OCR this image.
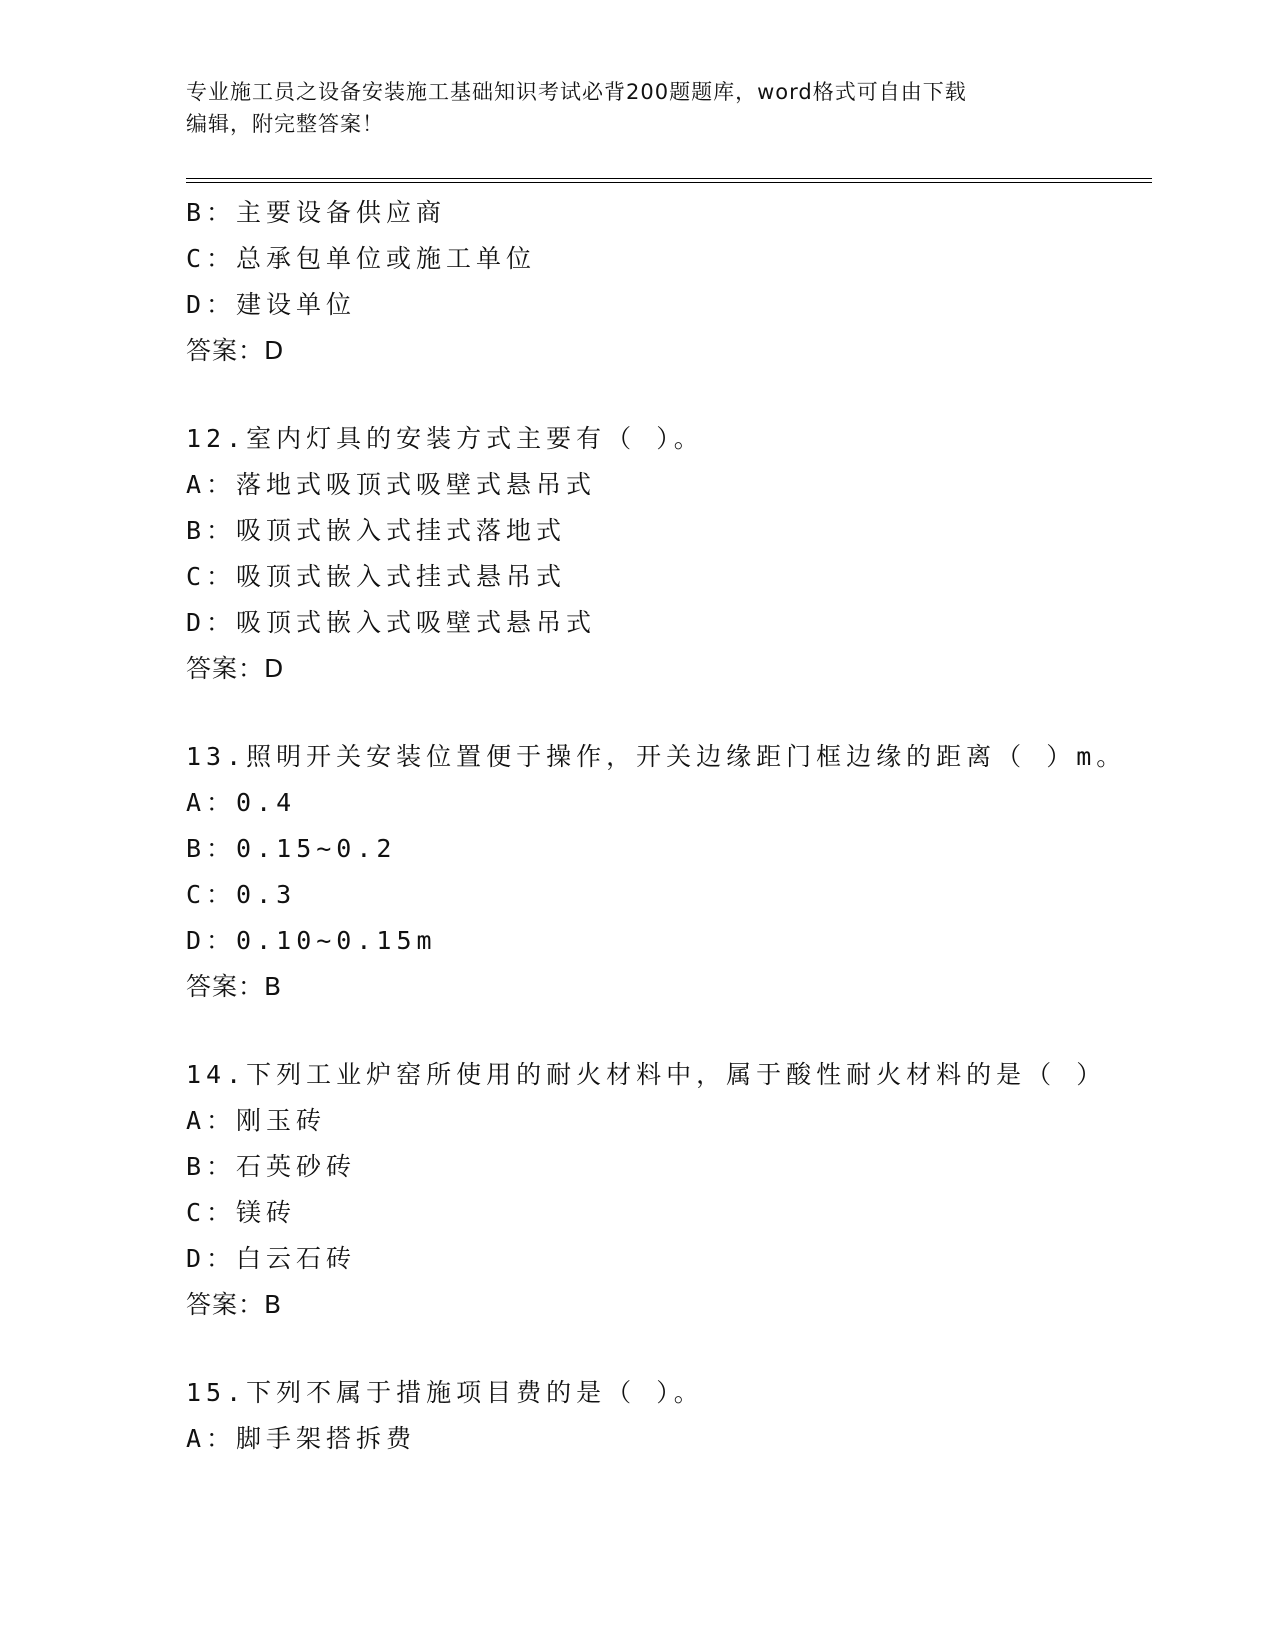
专业施工员之设备安装施工基础知识考试必背200题题库，word格式可自由下载
编辑，附完整答案！
B：主要设备供应商
C：总承包单位或施工单位
D：建设单位
答案：D
12.室内灯具的安装方式主要有（ ）。
A：落地式吸顶式吸壁式悬吊式
B：吸顶式嵌入式挂式落地式
C：吸顶式嵌入式挂式悬吊式
D：吸顶式嵌入式吸壁式悬吊式
答案：D
13.照明开关安装位置便于操作，开关边缘距门框边缘的距离（ ）m。
A：0.4
B：0.15~0.2
C：0.3
D：0.10~0.15m
答案：B
14.下列工业炉窑所使用的耐火材料中，属于酸性耐火材料的是（ ）
A：刚玉砖
B：石英砂砖
C：镁砖
D：白云石砖
答案：B
15.下列不属于措施项目费的是（ ）。
A：脚手架搭拆费
